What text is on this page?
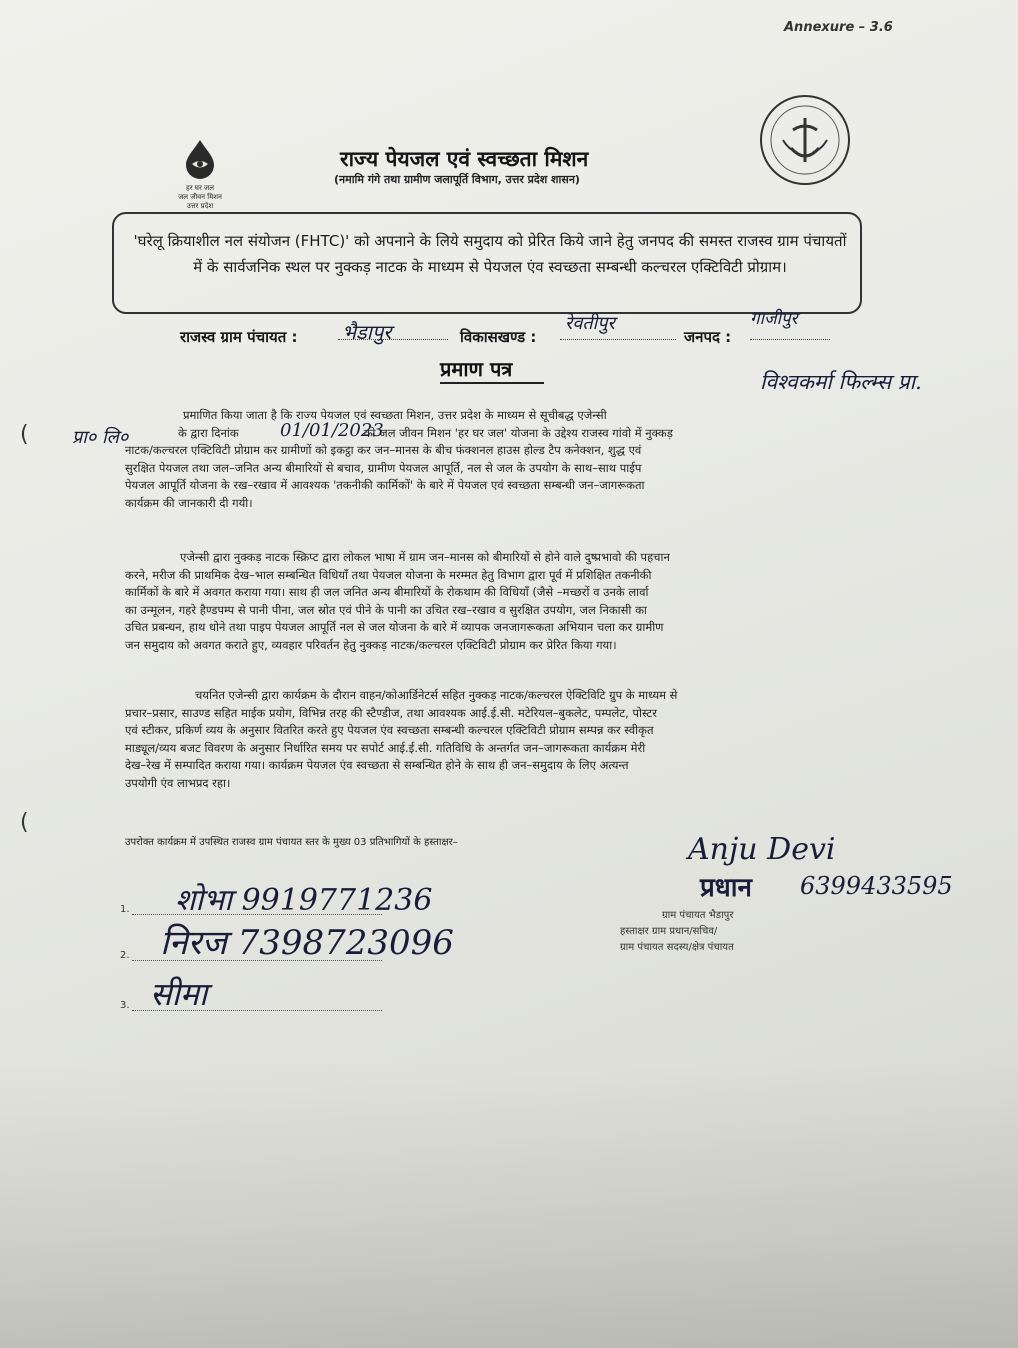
Annexure – 3.6
हर घर जल
जल जीवन मिशन
उत्तर प्रदेश
राज्य पेयजल एवं स्वच्छता मिशन
(नमामि गंगे तथा ग्रामीण जलापूर्ति विभाग, उत्तर प्रदेश शासन)

'घरेलू क्रियाशील नल संयोजन (FHTC)' को अपनाने के लिये समुदाय को प्रेरित किये जाने हेतु जनपद की समस्त राजस्व ग्राम पंचायतों में के सार्वजनिक स्थल पर नुक्कड़ नाटक के माध्यम से पेयजल एंव स्वच्छता सम्बन्धी कल्चरल एक्टिविटी प्रोग्राम।

राजस्व ग्राम पंचायत : भैडापुर	विकासखण्ड :
रेवतीपुर
जनपद :
गाजीपुर
प्रमाण पत्र
विश्वकर्मा फिल्म्स प्रा.
प्रा० लि०	01/01/2023
(
(
प्रमाणित किया जाता है कि राज्य पेयजल एवं स्वच्छता मिशन, उत्तर प्रदेश के माध्यम से सूचीबद्ध एजेन्सी
के द्वारा दिनांक	को जल जीवन मिशन 'हर घर जल' योजना के उद्देश्य राजस्व गांवो में नुक्कड़
नाटक/कल्चरल एक्टिविटी प्रोग्राम कर ग्रामीणों को इकट्ठा कर जन–मानस के बीच फंक्शनल हाउस होल्ड टैप कनेक्शन, शुद्ध एवं
सुरक्षित पेयजल तथा जल–जनित अन्य बीमारियों से बचाव, ग्रामीण पेयजल आपूर्ति, नल से जल के उपयोग के साथ–साथ पाईप
पेयजल आपूर्ति योजना के रख–रखाव में आवश्यक 'तकनीकी कार्मिकों' के बारे में पेयजल एवं स्वच्छता सम्बन्धी जन–जागरूकता
कार्यक्रम की जानकारी दी गयी।
एजेन्सी द्वारा नुक्कड़ नाटक स्क्रिप्ट द्वारा लोकल भाषा में ग्राम जन–मानस को बीमारियों से होने वाले दुष्प्रभावो की पहचान
करने, मरीज की प्राथमिक देख–भाल सम्बन्धित विधियाँ तथा पेयजल योजना के मरम्मत हेतु विभाग द्वारा पूर्व में प्रशिक्षित तकनीकी
कार्मिकों के बारे में अवगत कराया गया। साथ ही जल जनित अन्य बीमारियों के रोकथाम की विधियाँ (जैसे –मच्छरों व उनके लार्वा
का उन्मूलन, गहरे हैण्डपम्प से पानी पीना, जल स्रोत एवं पीने के पानी का उचित रख–रखाव व सुरक्षित उपयोग, जल निकासी का
उचित प्रबन्धन, हाथ धोने तथा पाइप पेयजल आपूर्ति नल से जल योजना के बारे में व्यापक जनजागरूकता अभियान चला कर ग्रामीण
जन समुदाय को अवगत कराते हुए, व्यवहार परिवर्तन हेतु नुक्कड़ नाटक/कल्चरल एक्टिविटी प्रोग्राम कर प्रेरित किया गया।
चयनित एजेन्सी द्वारा कार्यक्रम के दौरान वाहन/कोआर्डिनेटर्स सहित नुक्कड़ नाटक/कल्चरल ऐक्टिविटि ग्रुप के माध्यम से
प्रचार–प्रसार, साउण्ड सहित माईक प्रयोग, विभिन्न तरह की स्टैण्डीज, तथा आवश्यक आई.ई.सी. मटेरियल–बुकलेट, पम्पलेट, पोस्टर
एवं स्टीकर, प्रकिर्ण व्यय के अनुसार वितरित करते हुए पेयजल एंव स्वच्छता सम्बन्धी कल्चरल एक्टिविटी प्रोग्राम सम्पन्न कर स्वीकृत
माड्यूल/व्यय बजट विवरण के अनुसार निर्धारित समय पर सपोर्ट आई.ई.सी. गतिविधि के अन्तर्गत जन–जागरूकता कार्यक्रम मेरी
देख–रेख में सम्पादित कराया गया। कार्यक्रम पेयजल एंव स्वच्छता से सम्बन्धित होने के साथ ही जन–समुदाय के लिए अत्यन्त
उपयोगी एंव लाभप्रद रहा।
उपरोक्त कार्यक्रम में उपस्थित राजस्व ग्राम पंचायत स्तर के मुख्य 03 प्रतिभागियों के हस्ताक्षर–
1. शोभा 9919771236
2. निरज 7398723096
3. सीमा
Anju Devi
प्रधान 6399433595
ग्राम पंचायत भैडापुर
हस्ताक्षर ग्राम प्रधान/सचिव/
ग्राम पंचायत सदस्य/क्षेत्र पंचायत
